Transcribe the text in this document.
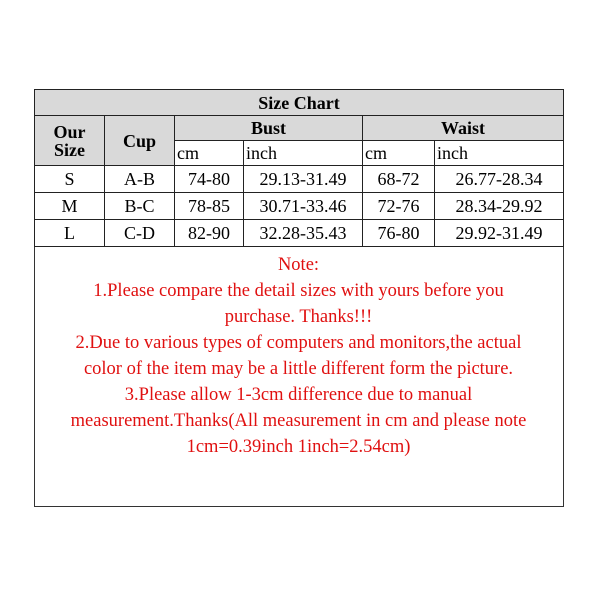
Size Chart					
Our
Size	Cup	Bust		Waist	
		cm	inch	cm	inch
S	A-B	74-80	29.13-31.49	68-72	26.77-28.34
M	B-C	78-85	30.71-33.46	72-76	28.34-29.92
L	C-D	82-90	32.28-35.43	76-80	29.92-31.49
Note:
1.Please compare the detail sizes with yours before you
purchase. Thanks!!!
2.Due to various types of computers and monitors,the actual
color of the item may be a little different form the picture.
3.Please allow 1-3cm difference due to manual
measurement.Thanks(All measurement in cm and please note
1cm=0.39inch 1inch=2.54cm)
